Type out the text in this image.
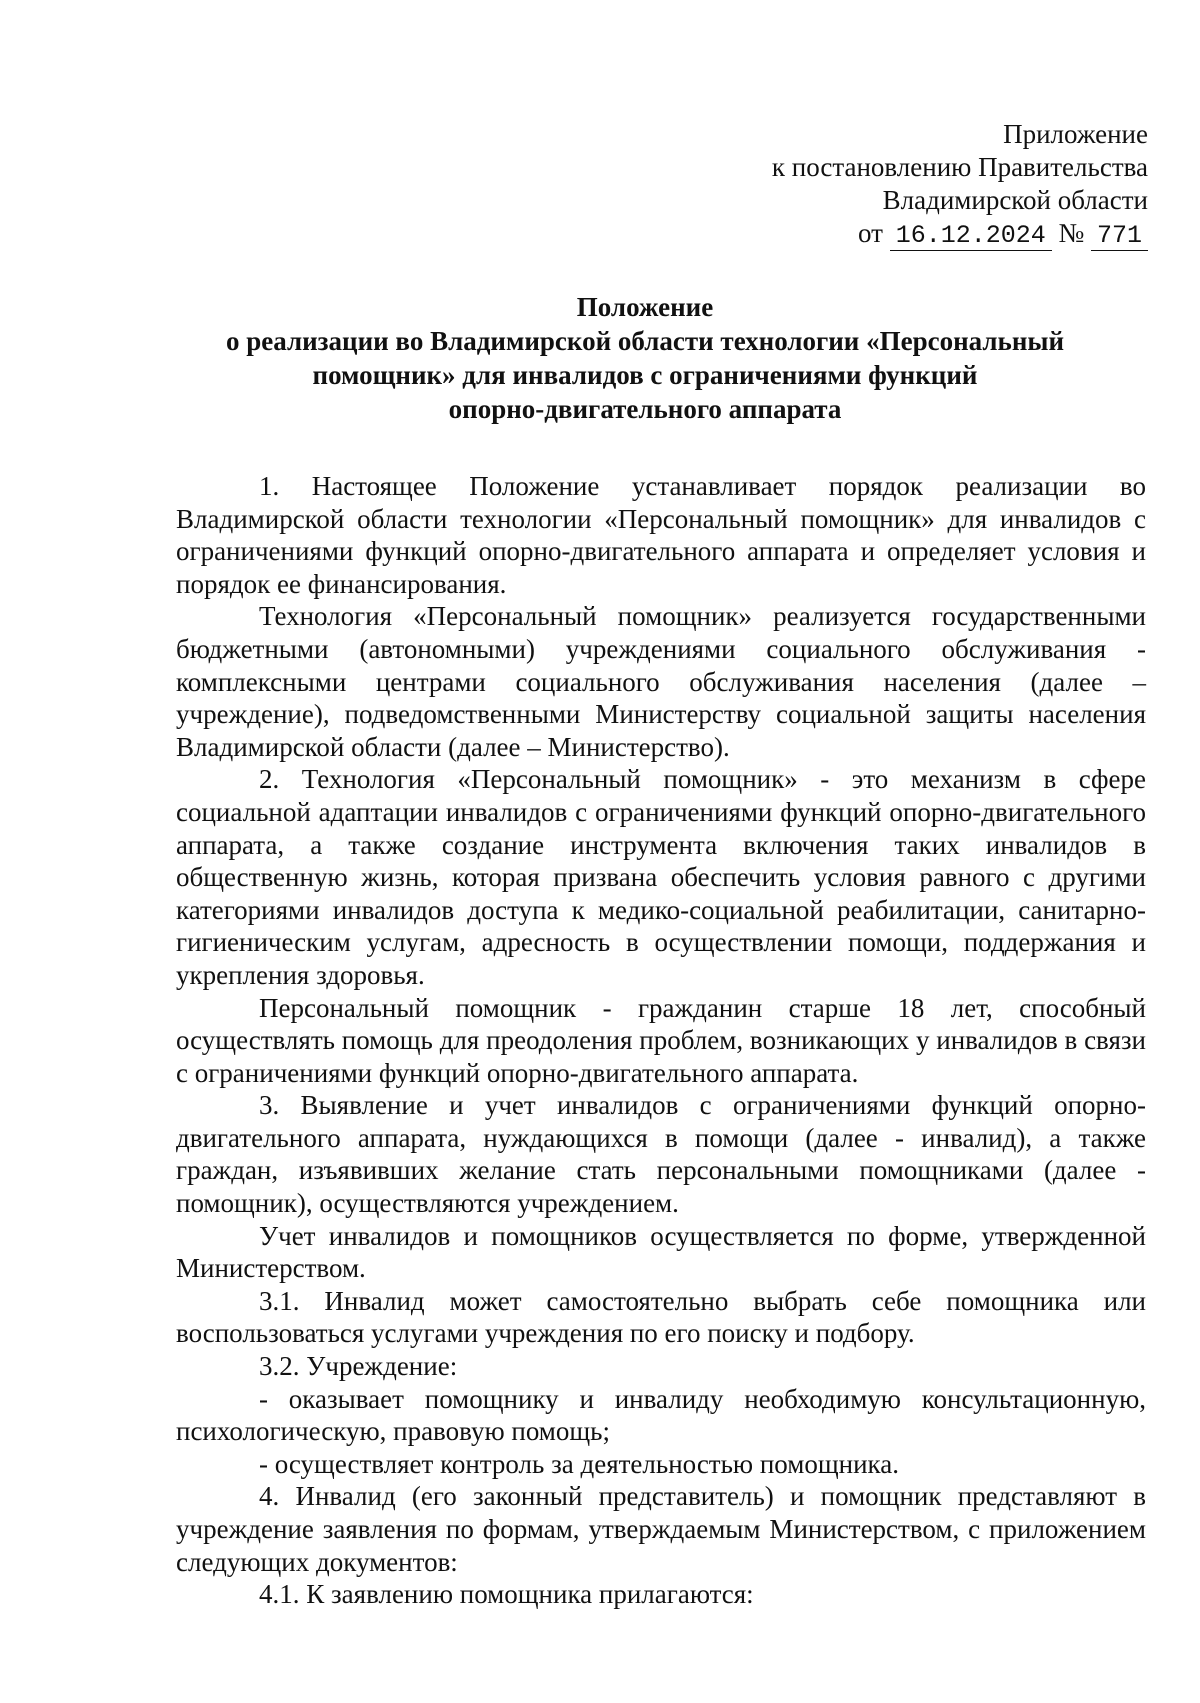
Приложение
к постановлению Правительства
Владимирской области
от 16.12.2024 № 771
Положение
о реализации во Владимирской области технологии «Персональный
помощник» для инвалидов с ограничениями функций
опорно-двигательного аппарата

1. Настоящее Положение устанавливает порядок реализации во Владимирской области технологии «Персональный помощник» для инвалидов с ограничениями функций опорно-двигательного аппарата и определяет условия и порядок ее финансирования.

Технология «Персональный помощник» реализуется государственными бюджетными (автономными) учреждениями социального обслуживания - комплексными центрами социального обслуживания населения (далее – учреждение), подведомственными Министерству социальной защиты населения Владимирской области (далее – Министерство).

2. Технология «Персональный помощник» - это механизм в сфере социальной адаптации инвалидов с ограничениями функций опорно-двигательного аппарата, а также создание инструмента включения таких инвалидов в общественную жизнь, которая призвана обеспечить условия равного с другими категориями инвалидов доступа к медико-социальной реабилитации, санитарно-гигиеническим услугам, адресность в осуществлении помощи, поддержания и укрепления здоровья.

Персональный помощник - гражданин старше 18 лет, способный осуществлять помощь для преодоления проблем, возникающих у инвалидов в связи с ограничениями функций опорно-двигательного аппарата.

3. Выявление и учет инвалидов с ограничениями функций опорно-двигательного аппарата, нуждающихся в помощи (далее - инвалид), а также граждан, изъявивших желание стать персональными помощниками (далее - помощник), осуществляются учреждением.

Учет инвалидов и помощников осуществляется по форме, утвержденной Министерством.

3.1. Инвалид может самостоятельно выбрать себе помощника или воспользоваться услугами учреждения по его поиску и подбору.

3.2. Учреждение:

- оказывает помощнику и инвалиду необходимую консультационную, психологическую, правовую помощь;

- осуществляет контроль за деятельностью помощника.

4. Инвалид (его законный представитель) и помощник представляют в учреждение заявления по формам, утверждаемым Министерством, с приложением следующих документов:

4.1. К заявлению помощника прилагаются:
